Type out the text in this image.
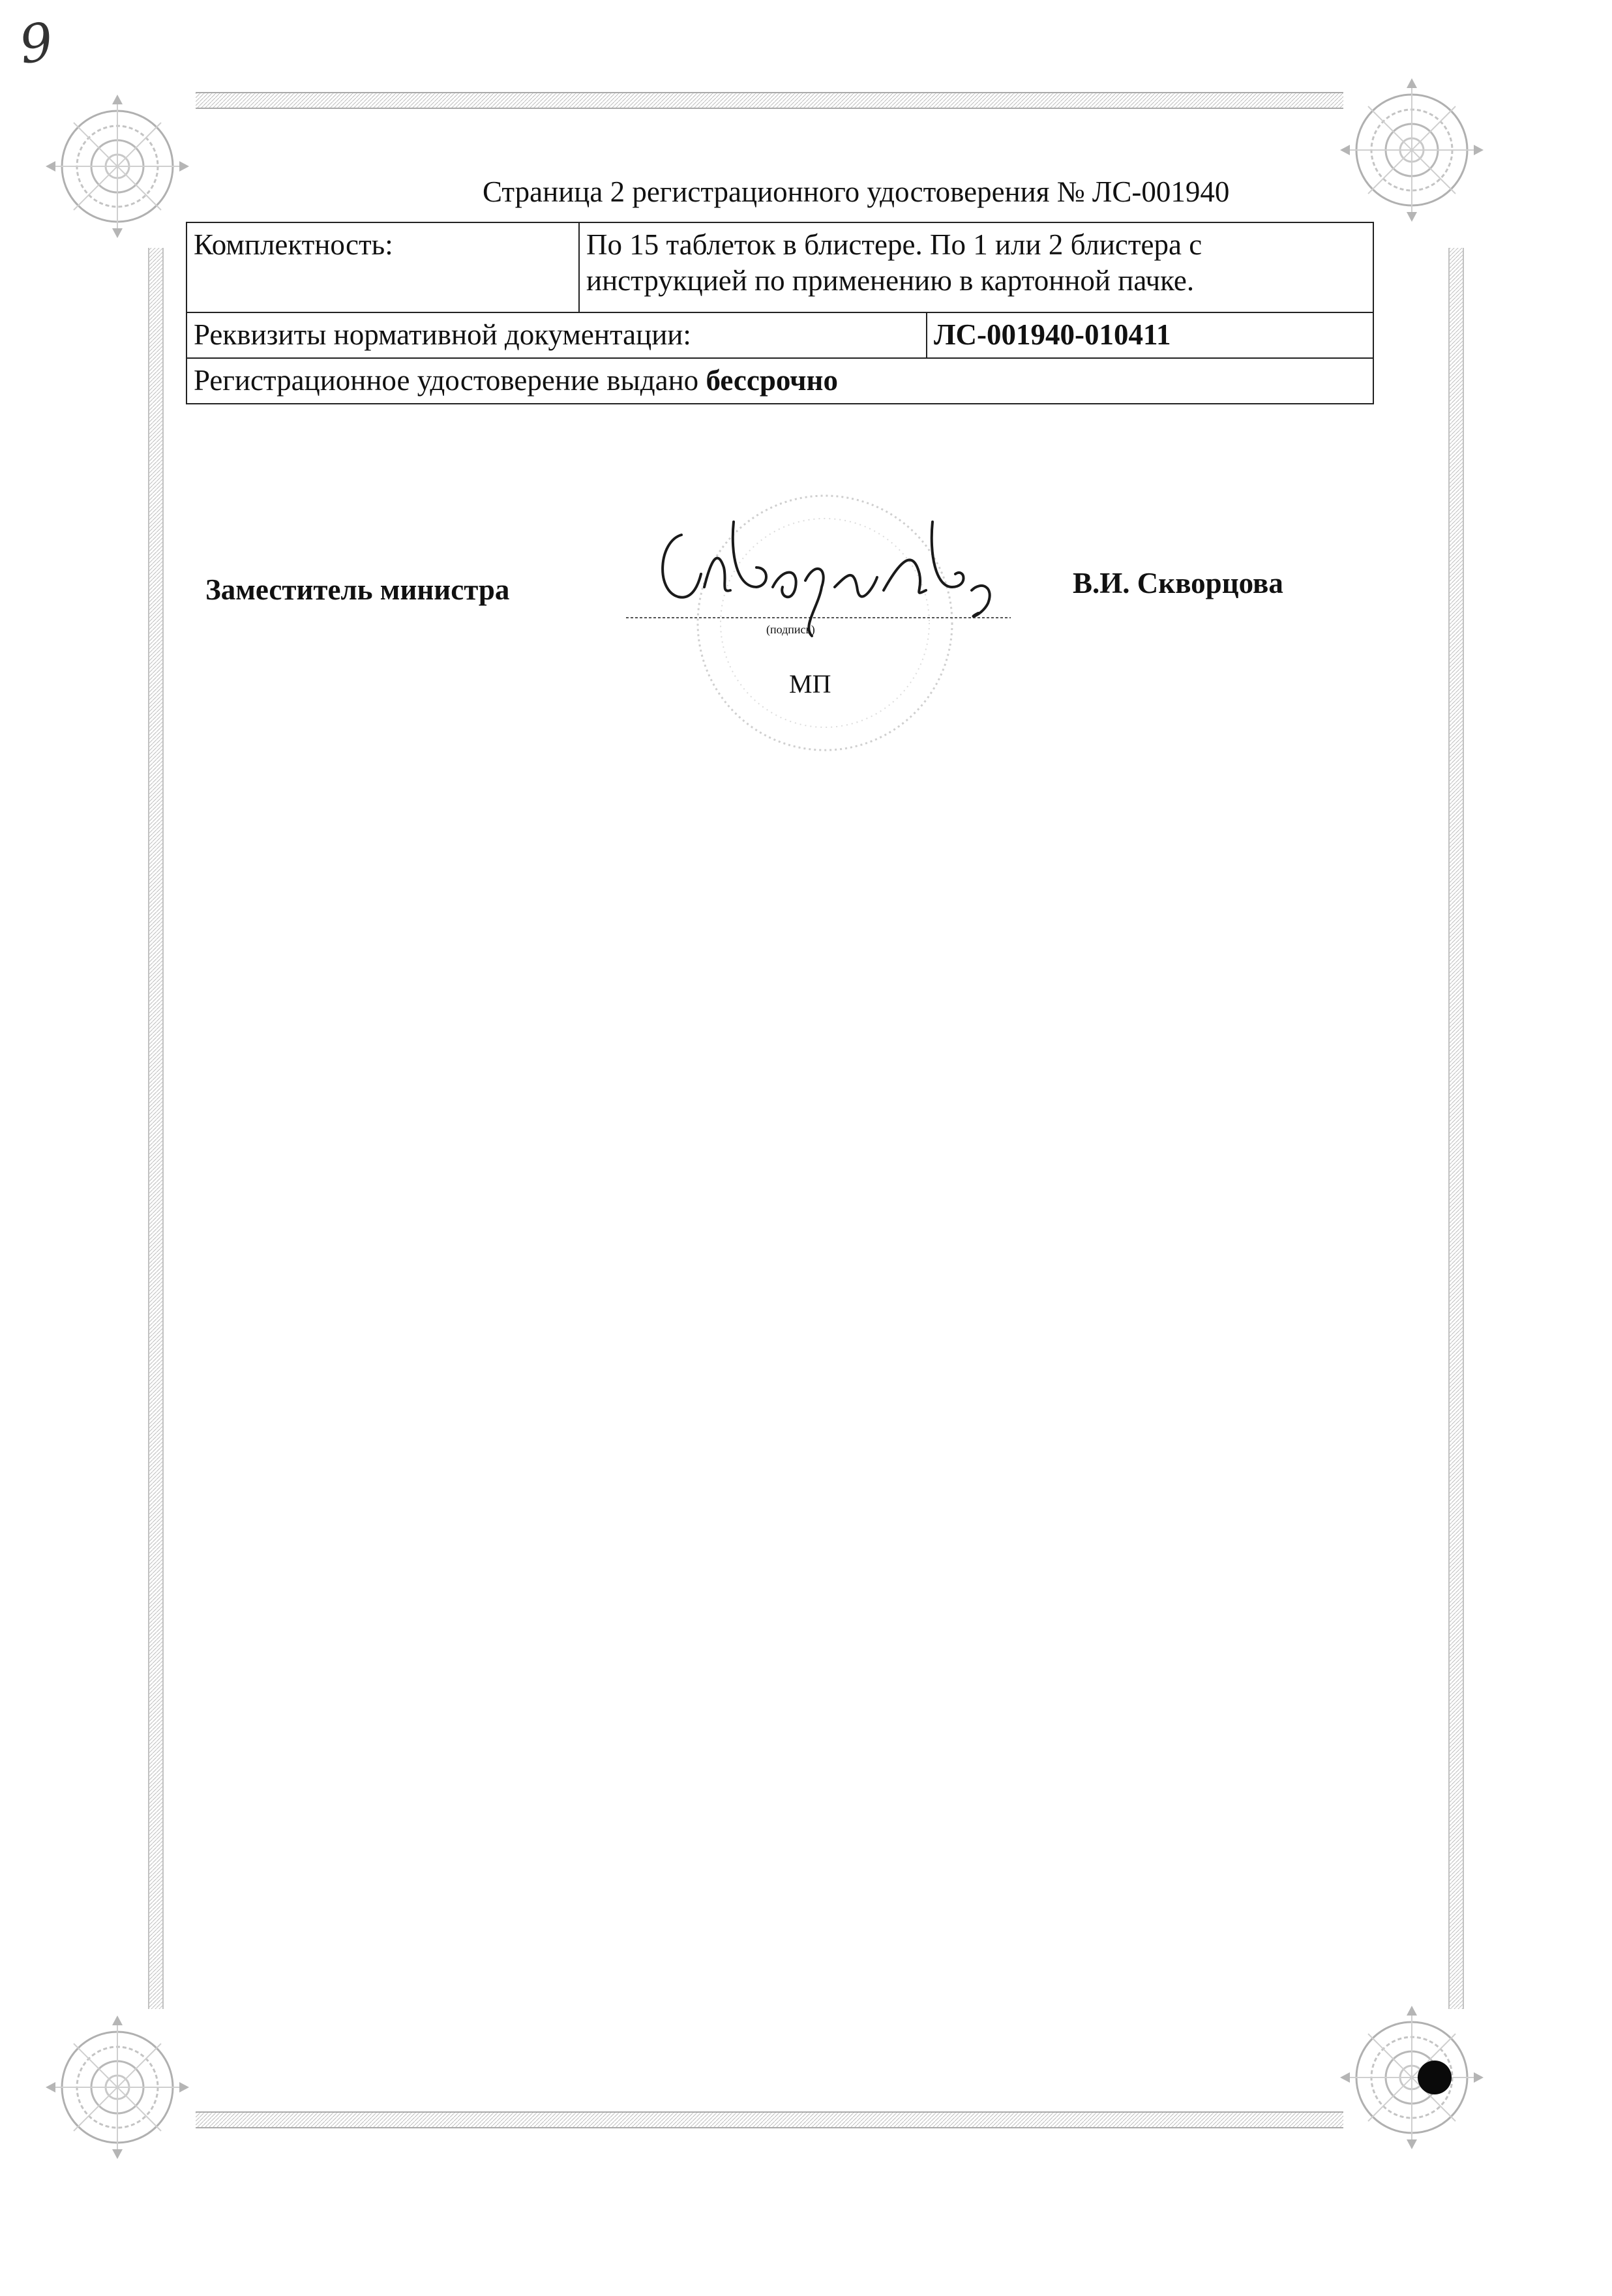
9
Страница 2 регистрационного удостоверения № ЛС-001940
Комплектность:	По 15 таблеток в блистере. По 1 или 2 блистера с
инструкцией по применению в картонной пачке.	

Реквизиты нормативной документации:		ЛС-001940-010411
Регистрационное удостоверение выдано бессрочно		
Заместитель министра
(подпись)
В.И. Скворцова
МП
